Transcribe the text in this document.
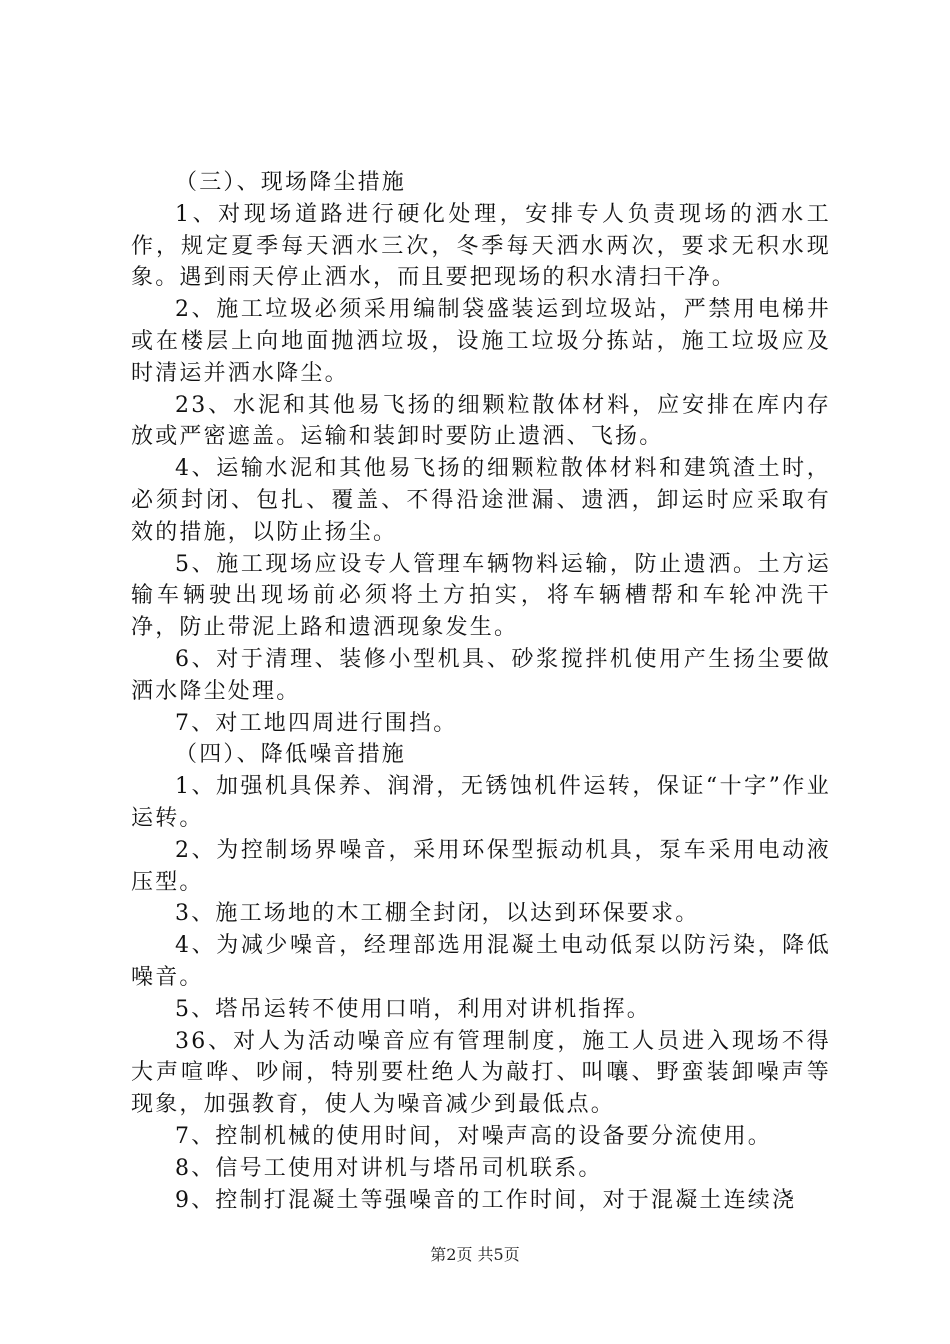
（三）、现场降尘措施

1、对现场道路进行硬化处理，安排专人负责现场的洒水工作，规定夏季每天洒水三次，冬季每天洒水两次，要求无积水现象。遇到雨天停止洒水，而且要把现场的积水清扫干净。

2、施工垃圾必须采用编制袋盛装运到垃圾站，严禁用电梯井或在楼层上向地面抛洒垃圾，设施工垃圾分拣站，施工垃圾应及时清运并洒水降尘。

23、水泥和其他易飞扬的细颗粒散体材料，应安排在库内存放或严密遮盖。运输和装卸时要防止遗洒、飞扬。

4、运输水泥和其他易飞扬的细颗粒散体材料和建筑渣土时，必须封闭、包扎、覆盖、不得沿途泄漏、遗洒，卸运时应采取有效的措施，以防止扬尘。

5、施工现场应设专人管理车辆物料运输，防止遗洒。土方运输车辆驶出现场前必须将土方拍实，将车辆槽帮和车轮冲洗干净，防止带泥上路和遗洒现象发生。

6、对于清理、装修小型机具、砂浆搅拌机使用产生扬尘要做洒水降尘处理。

7、对工地四周进行围挡。

（四）、降低噪音措施

1、加强机具保养、润滑，无锈蚀机件运转，保证“十字”作业运转。

2、为控制场界噪音，采用环保型振动机具，泵车采用电动液压型。

3、施工场地的木工棚全封闭，以达到环保要求。

4、为减少噪音，经理部选用混凝土电动低泵以防污染，降低噪音。

5、塔吊运转不使用口哨，利用对讲机指挥。

36、对人为活动噪音应有管理制度，施工人员进入现场不得大声喧哗、吵闹，特别要杜绝人为敲打、叫嚷、野蛮装卸噪声等现象，加强教育，使人为噪音减少到最低点。

7、控制机械的使用时间，对噪声高的设备要分流使用。

8、信号工使用对讲机与塔吊司机联系。

9、控制打混凝土等强噪音的工作时间，对于混凝土连续浇

第2页 共5页
